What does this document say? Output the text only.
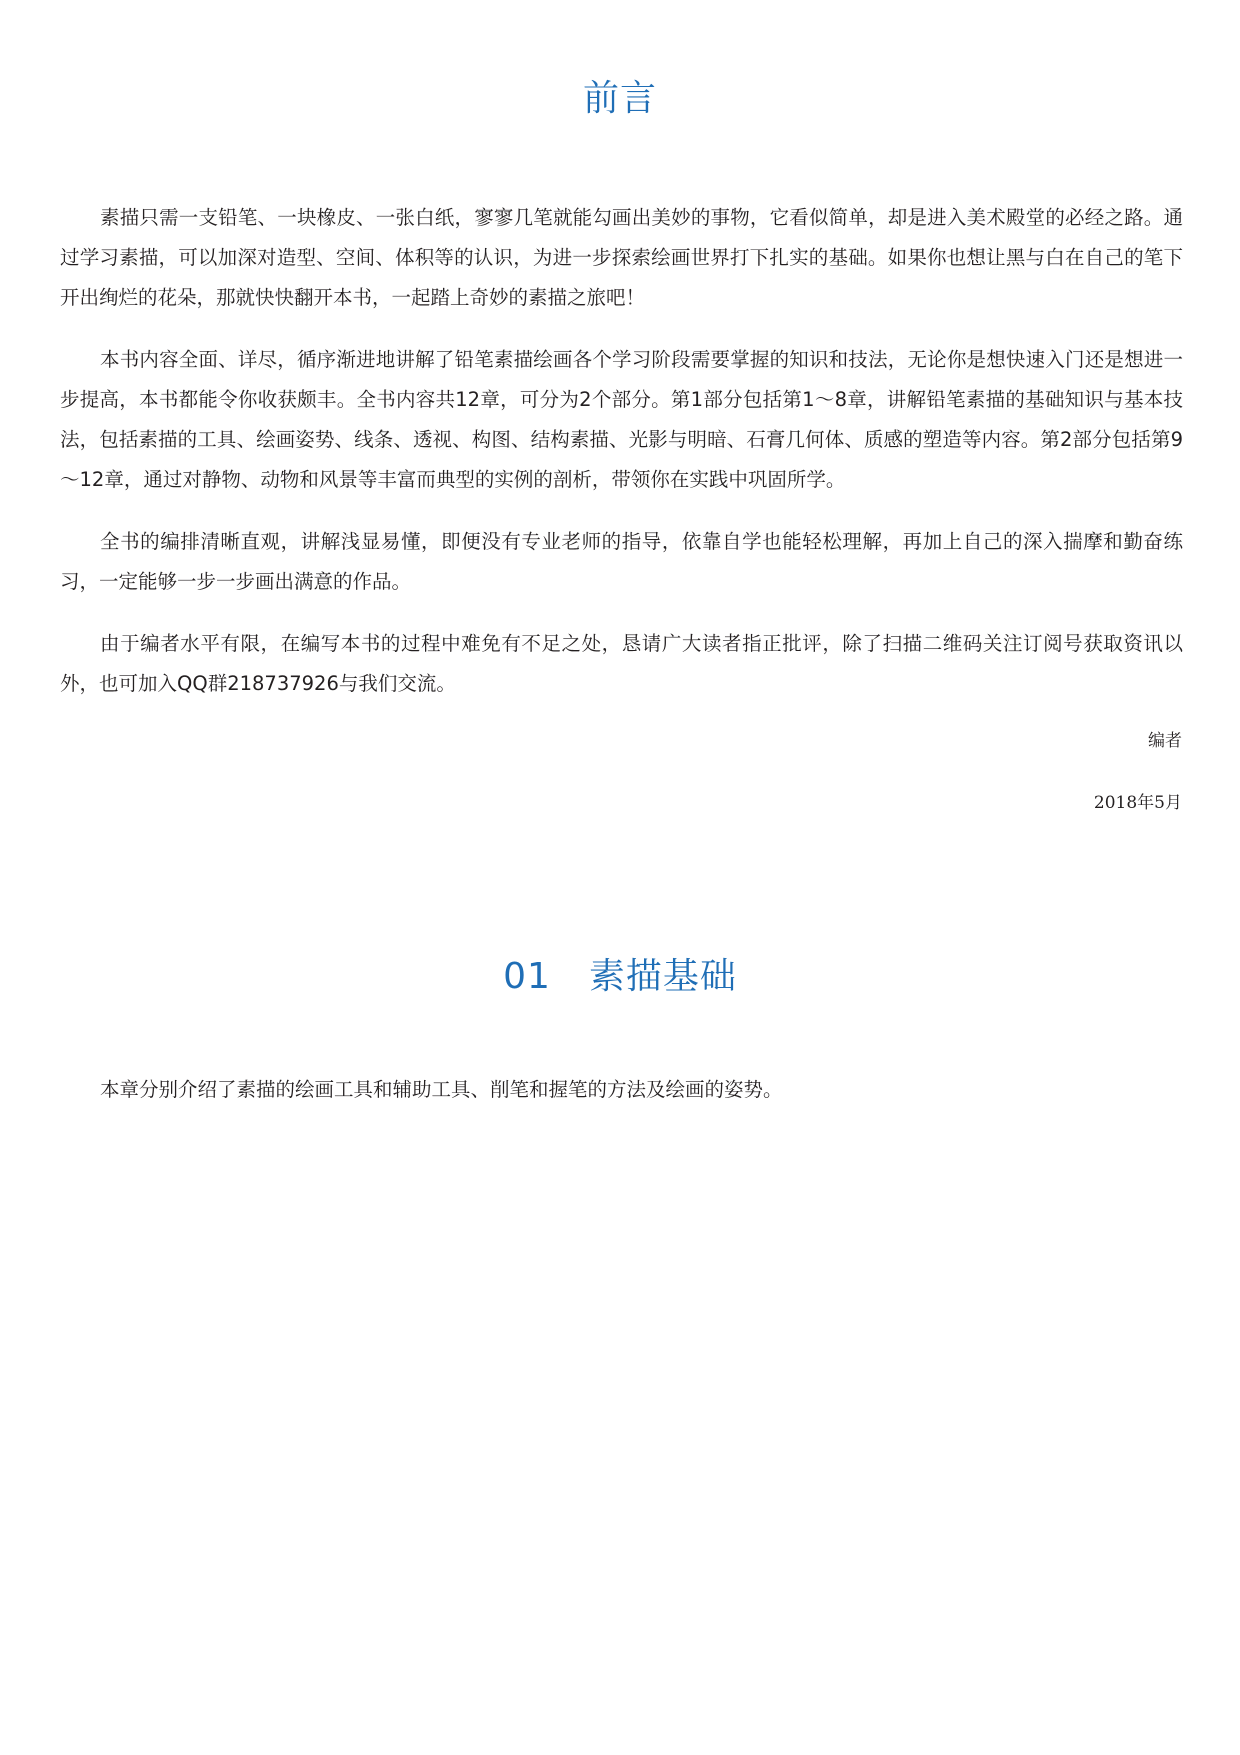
前言

素描只需一支铅笔、一块橡皮、一张白纸，寥寥几笔就能勾画出美妙的事物，它看似简单，却是进入美术殿堂的必经之路。通过学习素描，可以加深对造型、空间、体积等的认识，为进一步探索绘画世界打下扎实的基础。如果你也想让黑与白在自己的笔下开出绚烂的花朵，那就快快翻开本书，一起踏上奇妙的素描之旅吧！

本书内容全面、详尽，循序渐进地讲解了铅笔素描绘画各个学习阶段需要掌握的知识和技法，无论你是想快速入门还是想进一步提高，本书都能令你收获颇丰。全书内容共12章，可分为2个部分。第1部分包括第1～8章，讲解铅笔素描的基础知识与基本技法，包括素描的工具、绘画姿势、线条、透视、构图、结构素描、光影与明暗、石膏几何体、质感的塑造等内容。第2部分包括第9～12章，通过对静物、动物和风景等丰富而典型的实例的剖析，带领你在实践中巩固所学。

全书的编排清晰直观，讲解浅显易懂，即便没有专业老师的指导，依靠自学也能轻松理解，再加上自己的深入揣摩和勤奋练习，一定能够一步一步画出满意的作品。

由于编者水平有限，在编写本书的过程中难免有不足之处，恳请广大读者指正批评，除了扫描二维码关注订阅号获取资讯以外，也可加入QQ群218737926与我们交流。

编者

2018年5月

01 素描基础

本章分别介绍了素描的绘画工具和辅助工具、削笔和握笔的方法及绘画的姿势。
